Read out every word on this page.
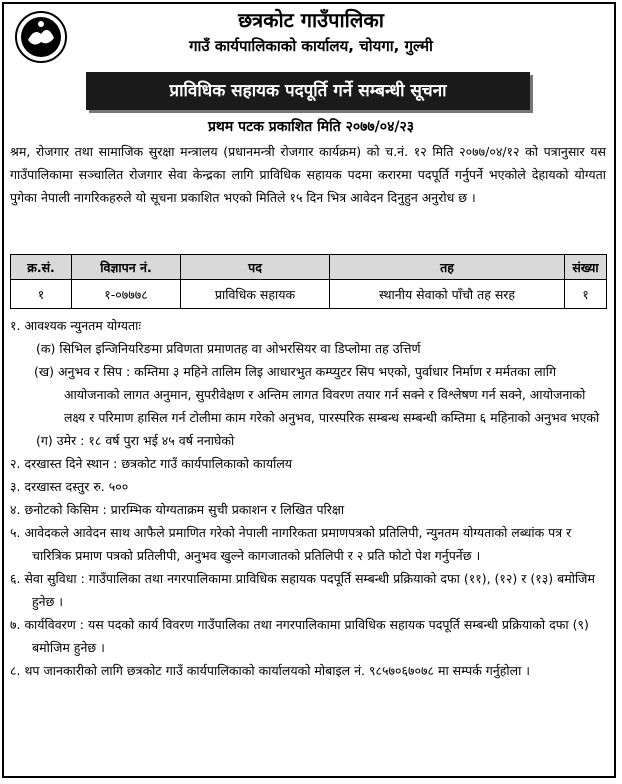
छत्रकोट गाउँपालिका
गाउँ कार्यपालिकाको कार्यालय, चोयगा, गुल्मी
प्राविधिक सहायक पदपूर्ति गर्ने सम्बन्धी सूचना
प्रथम पटक प्रकाशित मिति २०७७/०४/२३
श्रम, रोजगार तथा सामाजिक सुरक्षा मन्त्रालय (प्रधानमन्त्री रोजगार कार्यक्रम) को च.नं. १२ मिति २०७७/०४/१२ को पत्रानुसार यस गाउँपालिकामा सञ्चालित रोजगार सेवा केन्द्रका लागि प्राविधिक सहायक पदमा करारमा पदपूर्ति गर्नुपर्ने भएकोले देहायको योग्यता पुगेका नेपाली नागरिकहरुले यो सूचना प्रकाशित भएको मितिले १५ दिन भित्र आवेदन दिनुहुन अनुरोध छ ।
क्र.सं.	विज्ञापन नं.	पद	तह	संख्या
१	१-०७७७८	प्राविधिक सहायक	स्थानीय सेवाको पाँचौ तह सरह	१

१. आवश्यक न्युनतम योग्यताः

(क) सिभिल इन्जिनियरिङमा प्रविणता प्रमाणतह वा ओभरसियर वा डिप्लोमा तह उत्तिर्ण

(ख) अनुभव र सिप : कम्तिमा ३ महिने तालिम लिइ आधारभुत कम्प्युटर सिप भएको, पुर्वाधार निर्माण र मर्मतका लागि आयोजनाको लागत अनुमान, सुपरीवेक्षण र अन्तिम लागत विवरण तयार गर्न सक्ने र विश्लेषण गर्न सक्ने, आयोजनाको लक्ष्य र परिमाण हासिल गर्न टोलीमा काम गरेको अनुभव, पारस्परिक सम्बन्ध सम्बन्धी कम्तिमा ६ महिनाको अनुभव भएको

(ग) उमेर : १८ वर्ष पुरा भई ४५ वर्ष ननाघेको

२. दरखास्त दिने स्थान : छत्रकोट गाउँ कार्यपालिकाको कार्यालय

३. दरखास्त दस्तुर रु. ५००

४. छनोटको किसिम : प्रारम्भिक योग्यताक्रम सुची प्रकाशन र लिखित परिक्षा

५. आवेदकले आवेदन साथ आफैले प्रमाणित गरेको नेपाली नागरिकता प्रमाणपत्रको प्रतिलिपी, न्युनतम योग्यताको लब्धांक पत्र र चारित्रिक प्रमाण पत्रको प्रतिलीपी, अनुभव खुल्ने कागजातको प्रतिलिपी र २ प्रति फोटो पेश गर्नुपर्नेछ ।

६. सेवा सुविधा : गाउँपालिका तथा नगरपालिकामा प्राविधिक सहायक पदपूर्ति सम्बन्धी प्रक्रियाको दफा (११), (१२) र (१३) बमोजिम हुनेछ ।

७. कार्यविवरण : यस पदको कार्य विवरण गाउँपालिका तथा नगरपालिकामा प्राविधिक सहायक पदपूर्ति सम्बन्धी प्रक्रियाको दफा (९) बमोजिम हुनेछ ।

८. थप जानकारीको लागि छत्रकोट गाउँ कार्यपालिकाको कार्यालयको मोबाइल नं. ९८५७०६७०७८ मा सम्पर्क गर्नुहोला ।
